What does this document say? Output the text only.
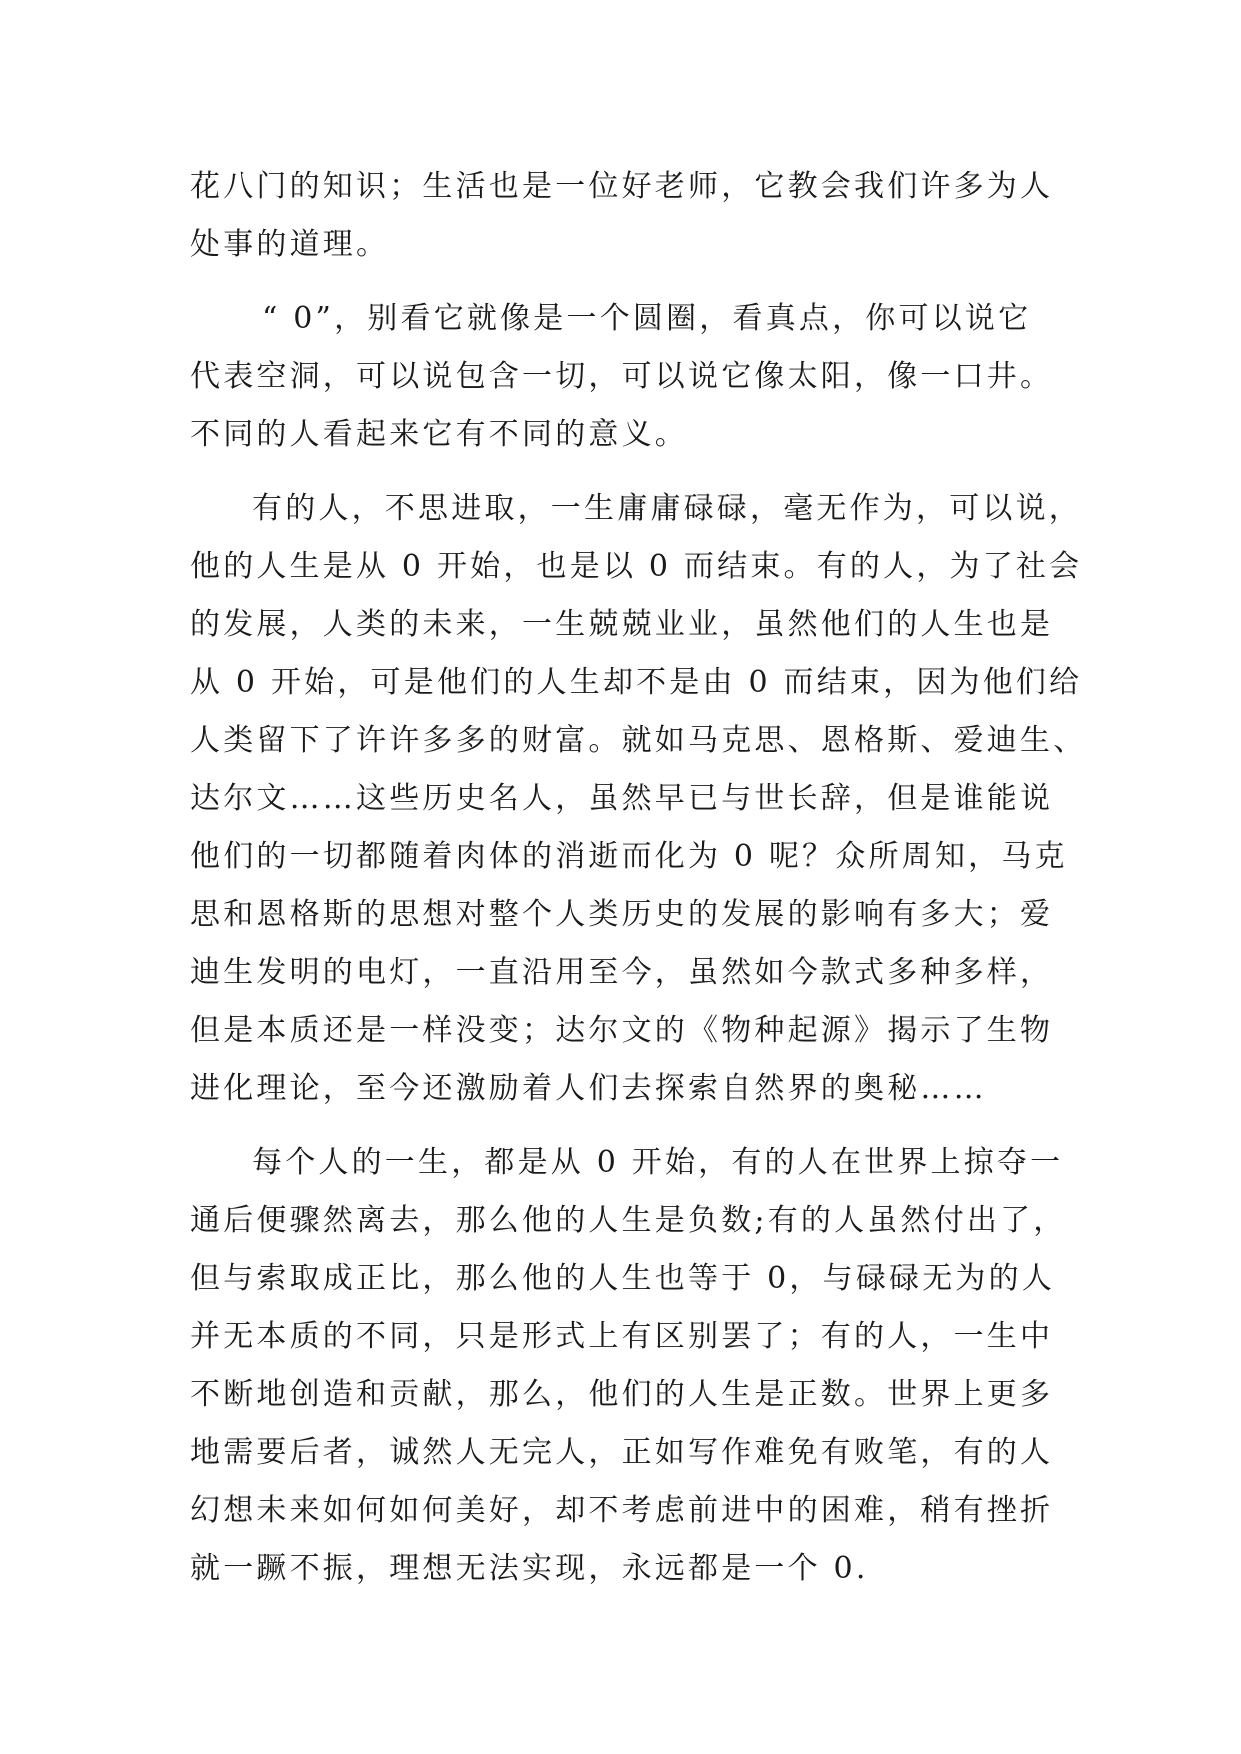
花八门的知识；生活也是一位好老师，它教会我们许多为人
处事的道理。
“ 0”，别看它就像是一个圆圈，看真点，你可以说它
代表空洞，可以说包含一切，可以说它像太阳，像一口井。
不同的人看起来它有不同的意义。
有的人，不思进取，一生庸庸碌碌，毫无作为，可以说，
他的人生是从 0 开始，也是以 0 而结束。有的人，为了社会
的发展，人类的未来，一生兢兢业业，虽然他们的人生也是
从 0 开始，可是他们的人生却不是由 0 而结束，因为他们给
人类留下了许许多多的财富。就如马克思、恩格斯、爱迪生、
达尔文……这些历史名人，虽然早已与世长辞，但是谁能说
他们的一切都随着肉体的消逝而化为 0 呢？众所周知，马克
思和恩格斯的思想对整个人类历史的发展的影响有多大；爱
迪生发明的电灯，一直沿用至今，虽然如今款式多种多样，
但是本质还是一样没变；达尔文的《物种起源》揭示了生物
进化理论，至今还激励着人们去探索自然界的奥秘……
每个人的一生，都是从 0 开始，有的人在世界上掠夺一
通后便骤然离去，那么他的人生是负数;有的人虽然付出了，
但与索取成正比，那么他的人生也等于 0，与碌碌无为的人
并无本质的不同，只是形式上有区别罢了；有的人，一生中
不断地创造和贡献，那么，他们的人生是正数。世界上更多
地需要后者，诚然人无完人，正如写作难免有败笔，有的人
幻想未来如何如何美好，却不考虑前进中的困难，稍有挫折
就一蹶不振，理想无法实现，永远都是一个 0.
